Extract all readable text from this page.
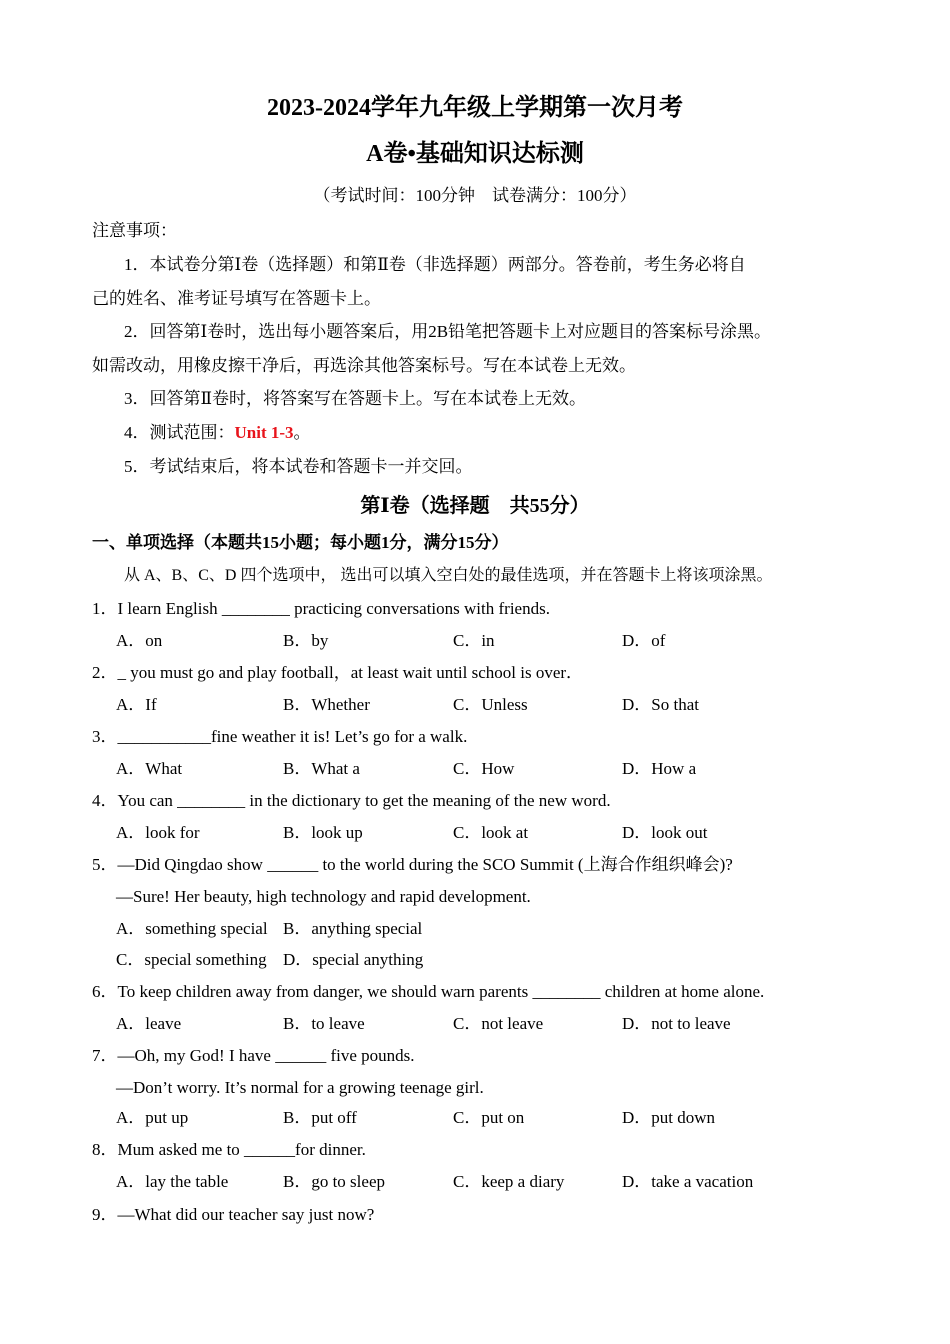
2023-2024学年九年级上学期第一次月考
A卷•基础知识达标测
（考试时间：100分钟　试卷满分：100分）
注意事项：
1．本试卷分第Ⅰ卷（选择题）和第Ⅱ卷（非选择题）两部分。答卷前，考生务必将自
己的姓名、准考证号填写在答题卡上。
2．回答第Ⅰ卷时，选出每小题答案后，用2B铅笔把答题卡上对应题目的答案标号涂黑。
如需改动，用橡皮擦干净后，再选涂其他答案标号。写在本试卷上无效。
3．回答第Ⅱ卷时，将答案写在答题卡上。写在本试卷上无效。
4．测试范围：Unit 1-3。
5．考试结束后，将本试卷和答题卡一并交回。
第Ⅰ卷（选择题　共55分）
一、单项选择（本题共15小题；每小题1分，满分15分）
从 A、B、C、D 四个选项中， 选出可以填入空白处的最佳选项，并在答题卡上将该项涂黑。
1．I learn English ________ practicing conversations with friends.
A．on	B．by	C．in	D．of
2．_ you must go and play football，at least wait until school is over．
A．If	B．Whether	C．Unless	D．So that
3．___________fine weather it is! Let’s go for a walk.
A．What	B．What a	C．How	D．How a
4．You can ________ in the dictionary to get the meaning of the new word.
A．look for	B．look up	C．look at	D．look out
5．—Did Qingdao show ______ to the world during the SCO Summit (上海合作组织峰会)?
—Sure! Her beauty, high technology and rapid development.
A．something special B．anything special
C．special something D．special anything
6．To keep children away from danger, we should warn parents ________ children at home alone.
A．leave	B．to leave	C．not leave	D．not to leave
7．—Oh, my God! I have ______ five pounds.
—Don’t worry. It’s normal for a growing teenage girl.
A．put up	B．put off	C．put on	D．put down
8．Mum asked me to ______for dinner.
A．lay the table	B．go to sleep	C．keep a diary	D．take a vacation
9．—What did our teacher say just now?
